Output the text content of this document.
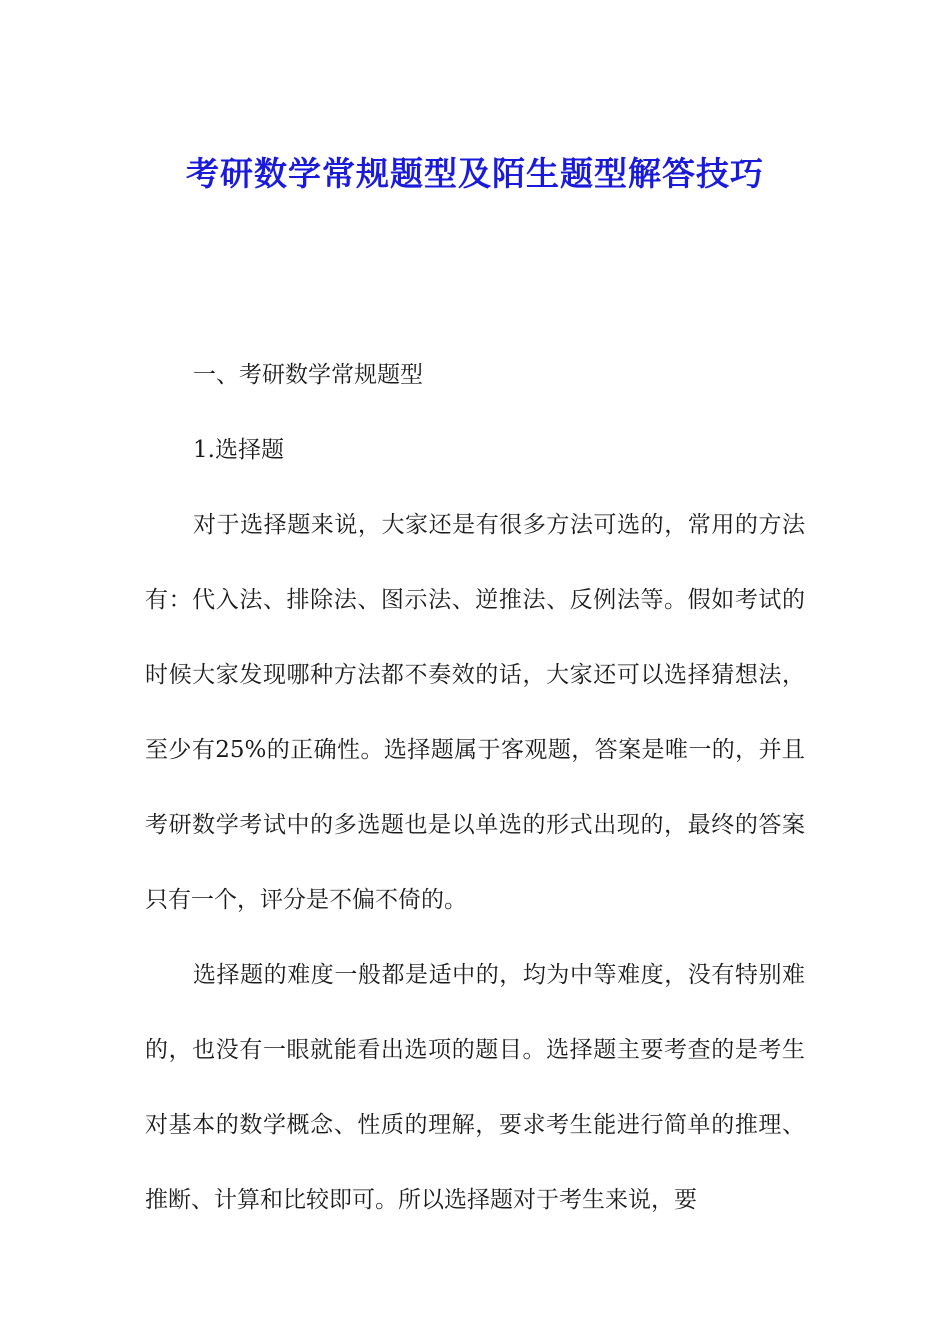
考研数学常规题型及陌生题型解答技巧

一、考研数学常规题型

1.选择题

对于选择题来说，大家还是有很多方法可选的，常用的方法有：代入法、排除法、图示法、逆推法、反例法等。假如考试的时候大家发现哪种方法都不奏效的话，大家还可以选择猜想法，至少有25%的正确性。选择题属于客观题，答案是唯一的，并且考研数学考试中的多选题也是以单选的形式出现的，最终的答案只有一个，评分是不偏不倚的。

选择题的难度一般都是适中的，均为中等难度，没有特别难的，也没有一眼就能看出选项的题目。选择题主要考查的是考生对基本的数学概念、性质的理解，要求考生能进行简单的推理、推断、计算和比较即可。所以选择题对于考生来说，要
